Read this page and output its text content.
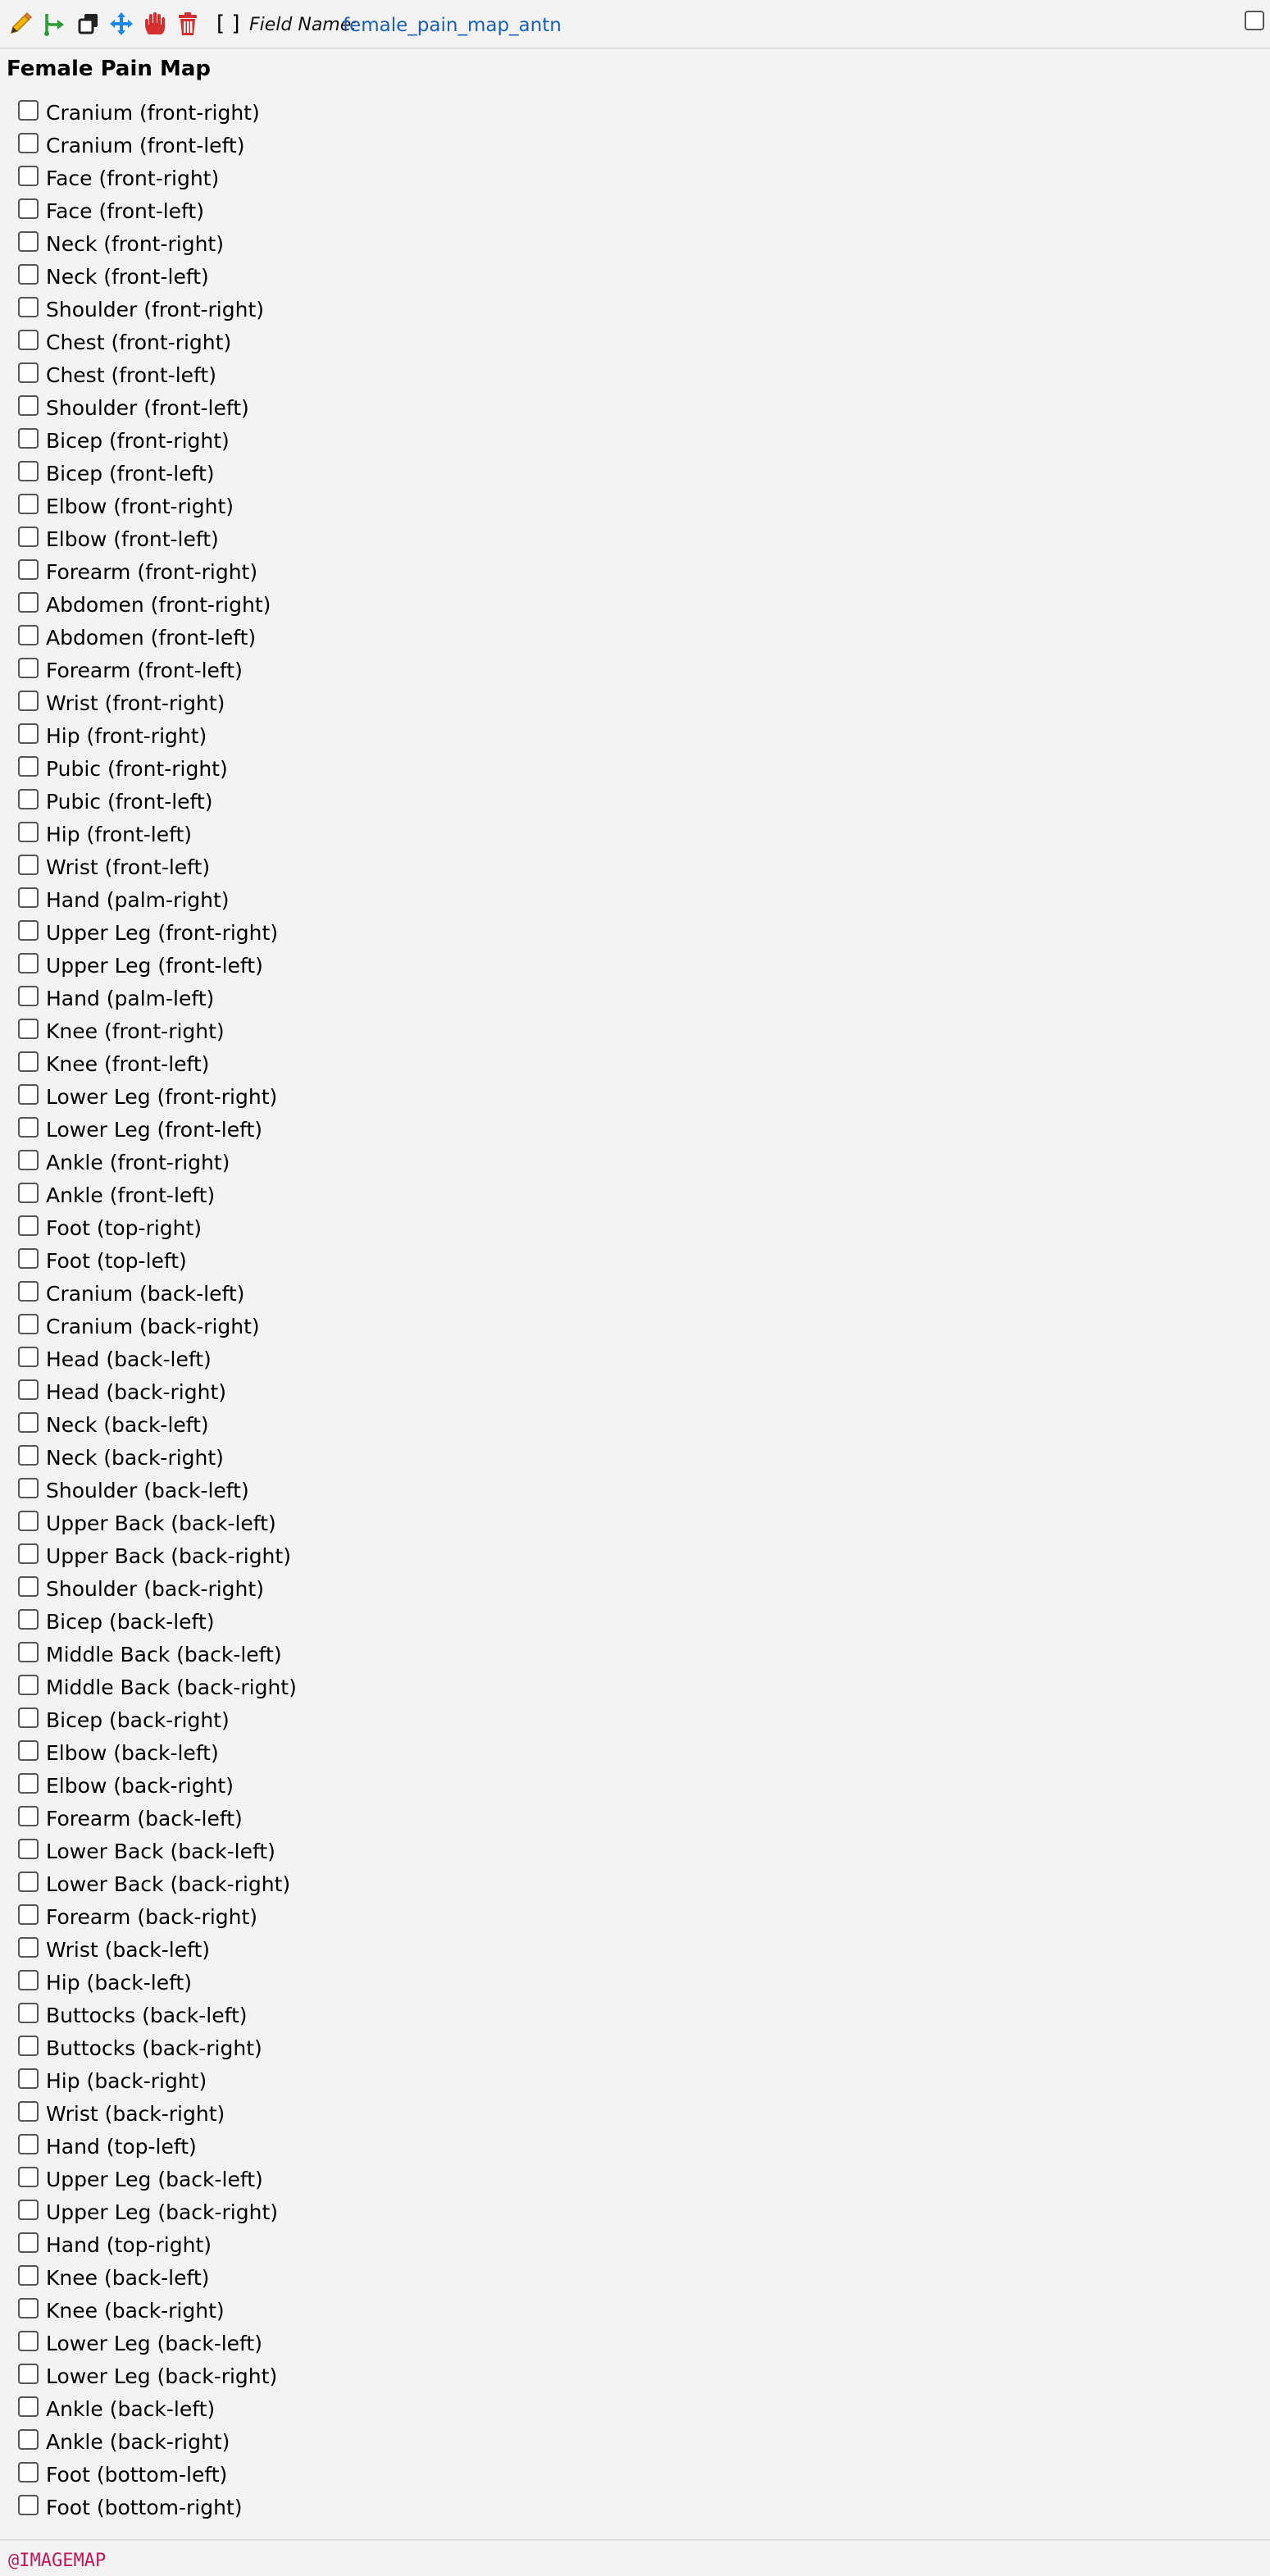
[ ] Field Name:
female_pain_map_antn
Female Pain Map
Cranium (front-right)
Cranium (front-left)
Face (front-right)
Face (front-left)
Neck (front-right)
Neck (front-left)
Shoulder (front-right)
Chest (front-right)
Chest (front-left)
Shoulder (front-left)
Bicep (front-right)
Bicep (front-left)
Elbow (front-right)
Elbow (front-left)
Forearm (front-right)
Abdomen (front-right)
Abdomen (front-left)
Forearm (front-left)
Wrist (front-right)
Hip (front-right)
Pubic (front-right)
Pubic (front-left)
Hip (front-left)
Wrist (front-left)
Hand (palm-right)
Upper Leg (front-right)
Upper Leg (front-left)
Hand (palm-left)
Knee (front-right)
Knee (front-left)
Lower Leg (front-right)
Lower Leg (front-left)
Ankle (front-right)
Ankle (front-left)
Foot (top-right)
Foot (top-left)
Cranium (back-left)
Cranium (back-right)
Head (back-left)
Head (back-right)
Neck (back-left)
Neck (back-right)
Shoulder (back-left)
Upper Back (back-left)
Upper Back (back-right)
Shoulder (back-right)
Bicep (back-left)
Middle Back (back-left)
Middle Back (back-right)
Bicep (back-right)
Elbow (back-left)
Elbow (back-right)
Forearm (back-left)
Lower Back (back-left)
Lower Back (back-right)
Forearm (back-right)
Wrist (back-left)
Hip (back-left)
Buttocks (back-left)
Buttocks (back-right)
Hip (back-right)
Wrist (back-right)
Hand (top-left)
Upper Leg (back-left)
Upper Leg (back-right)
Hand (top-right)
Knee (back-left)
Knee (back-right)
Lower Leg (back-left)
Lower Leg (back-right)
Ankle (back-left)
Ankle (back-right)
Foot (bottom-left)
Foot (bottom-right)
@IMAGEMAP
